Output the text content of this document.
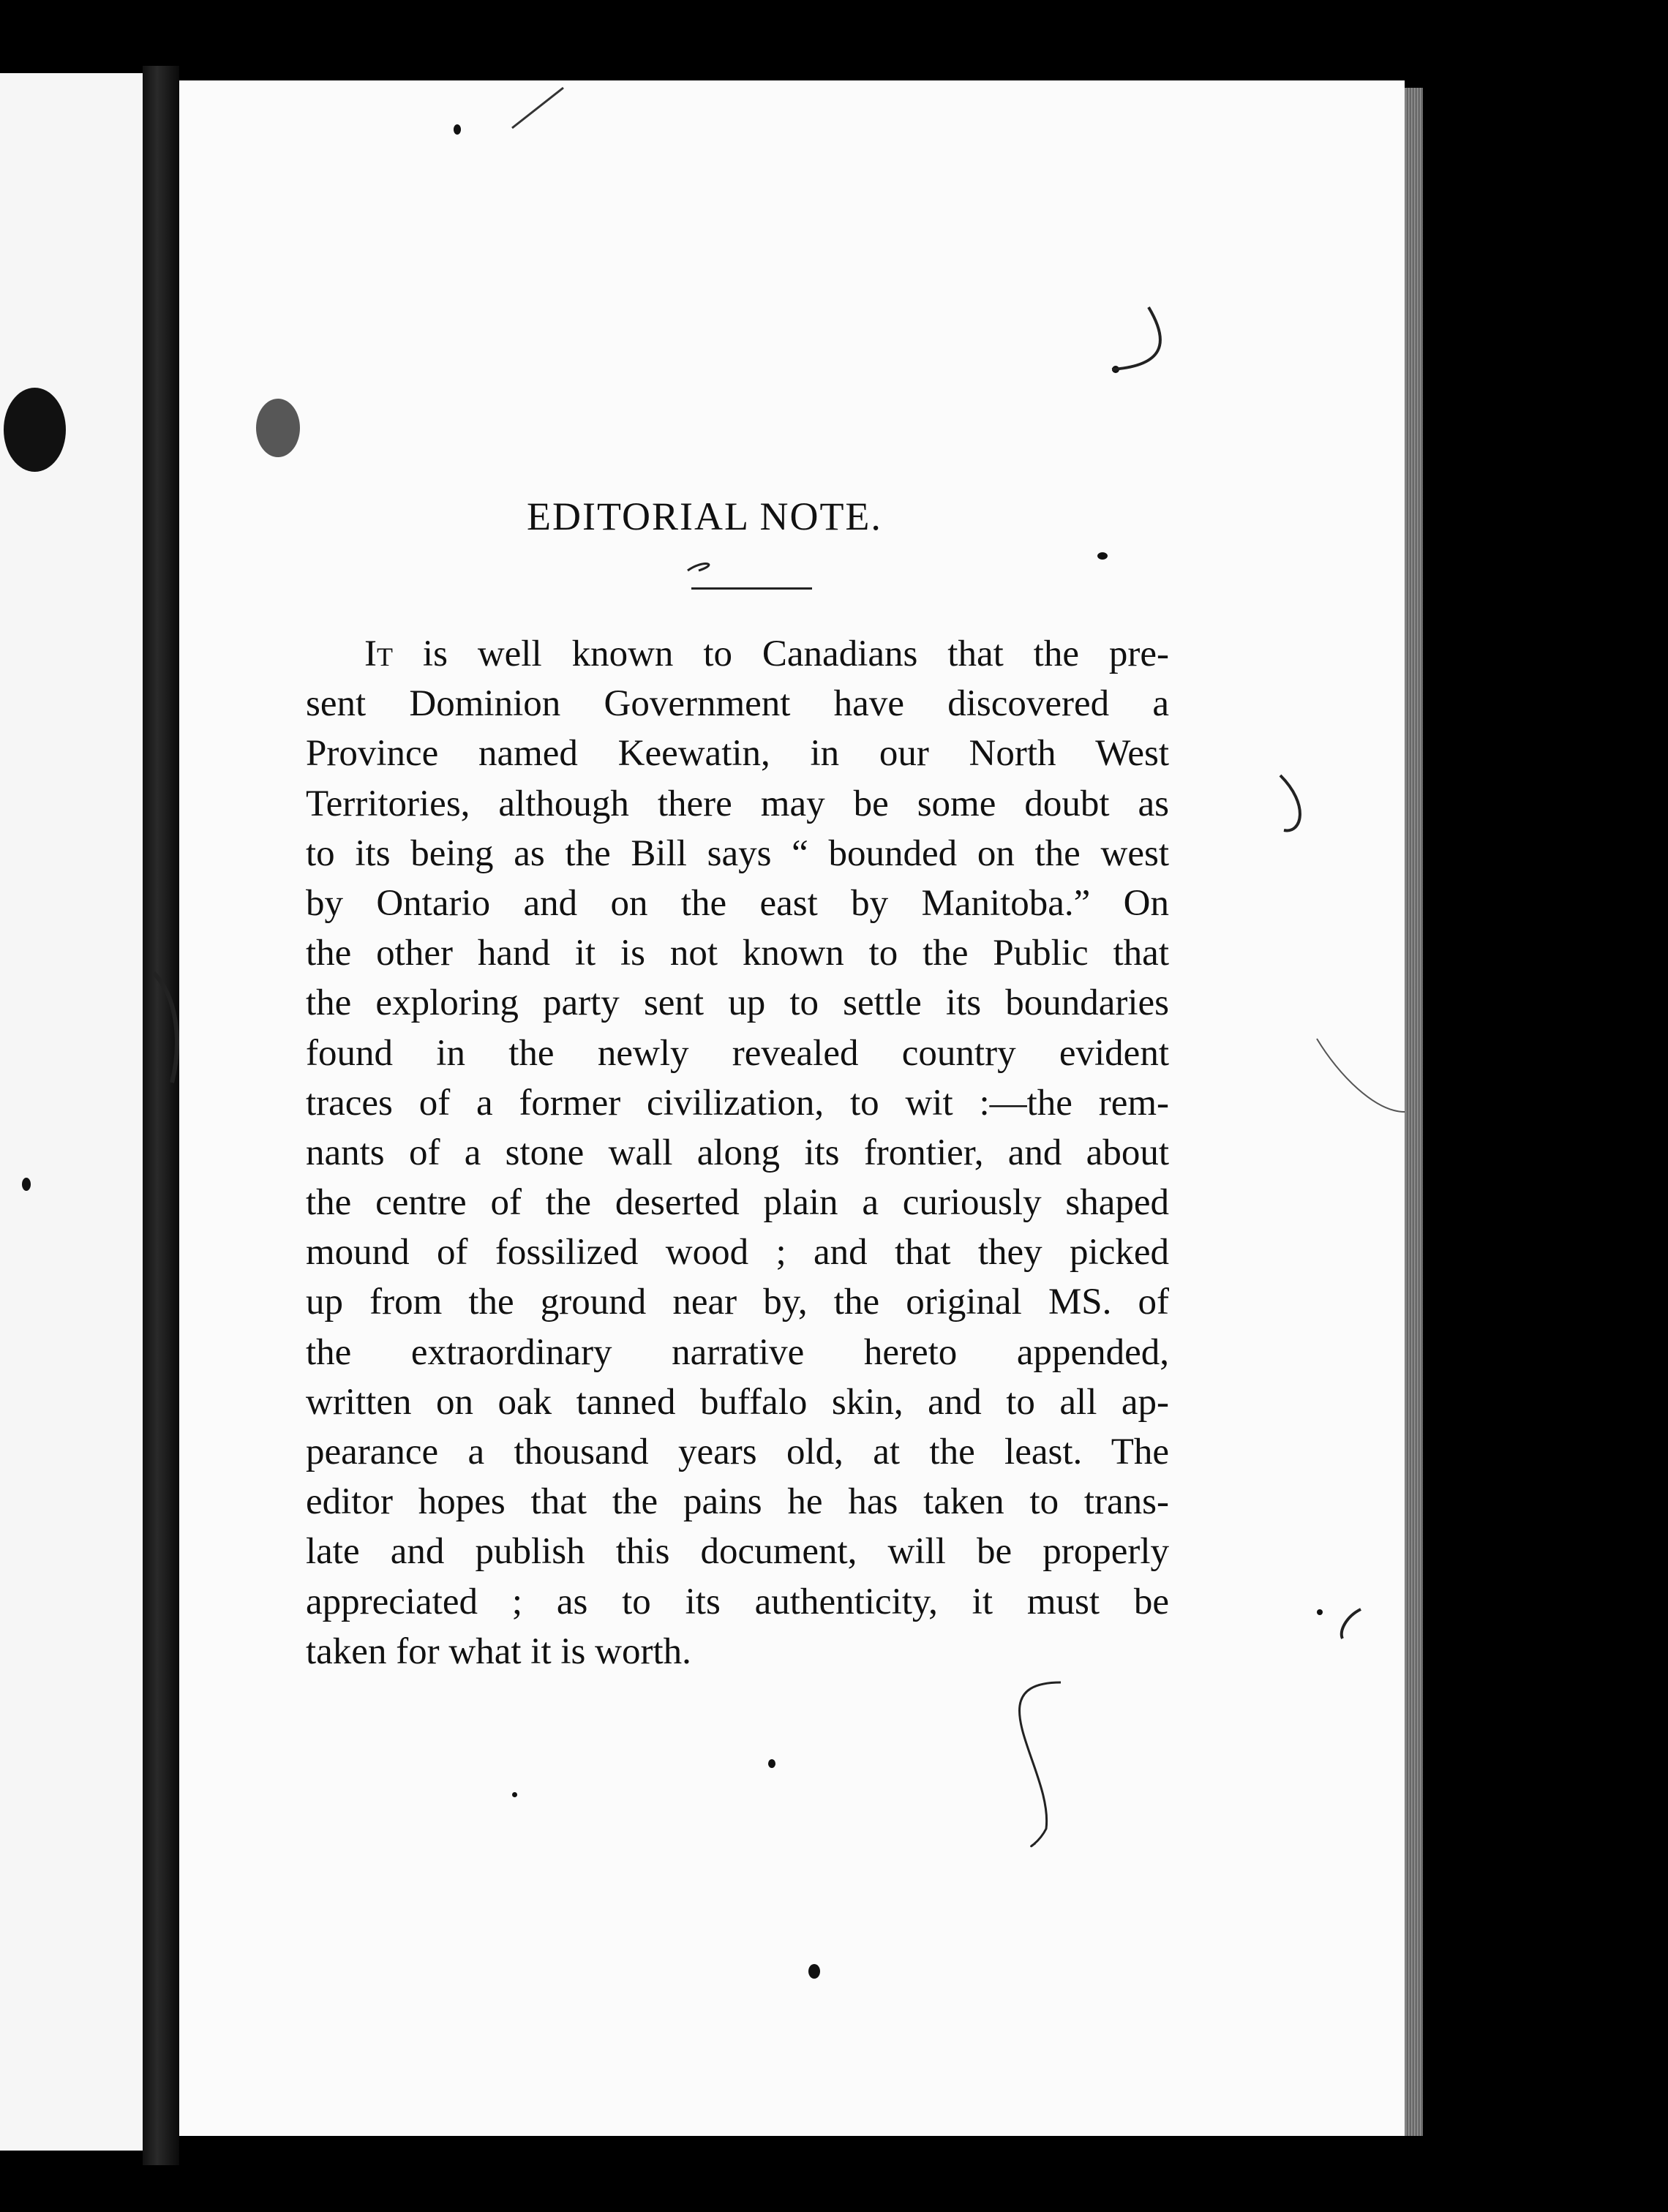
EDITORIAL NOTE.
It is well known to Canadians that the pre-
sent Dominion Government have discovered a
Province named Keewatin, in our North West
Territories, although there may be some doubt as
to its being as the Bill says “ bounded on the west
by Ontario and on the east by Manitoba.” On
the other hand it is not known to the Public that
the exploring party sent up to settle its boundaries
found in the newly revealed country evident
traces of a former civilization, to wit :—the rem-
nants of a stone wall along its frontier, and about
the centre of the deserted plain a curiously shaped
mound of fossilized wood ; and that they picked
up from the ground near by, the original MS. of
the extraordinary narrative hereto appended,
written on oak tanned buffalo skin, and to all ap-
pearance a thousand years old, at the least. The
editor hopes that the pains he has taken to trans-
late and publish this document, will be properly
appreciated ; as to its authenticity, it must be
taken for what it is worth.
